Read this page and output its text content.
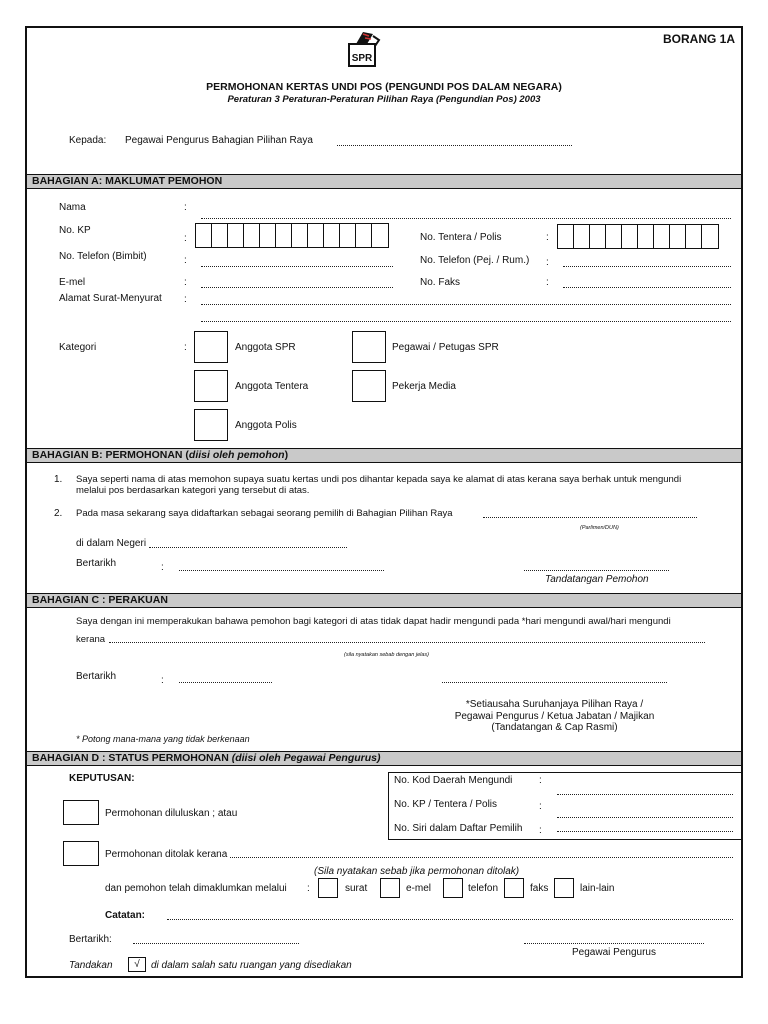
BORANG 1A
SPR
PERMOHONAN KERTAS UNDI POS (PENGUNDI POS DALAM NEGARA)
Peraturan 3 Peraturan-Peraturan Pilihan Raya (Pengundian Pos) 2003
Kepada: Pegawai Pengurus Bahagian Pilihan Raya
BAHAGIAN A: MAKLUMAT PEMOHON
Nama	:
No. KP
:	No. Tentera / Polis	:
No. Telefon (Bimbit)	:	No. Telefon (Pej. / Rum.) :
E-mel	:	No. Faks	:
Alamat Surat-Menyurat :
Kategori	:	Anggota SPR	Pegawai / Petugas SPR
Anggota Tentera	Pekerja Media
Anggota Polis
BAHAGIAN B: PERMOHONAN (diisi oleh pemohon)
1. Saya seperti nama di atas memohon supaya suatu kertas undi pos dihantar kepada saya ke alamat di atas kerana saya berhak untuk mengundi
melalui pos berdasarkan kategori yang tersebut di atas.
2. Pada masa sekarang saya didaftarkan sebagai seorang pemilih di Bahagian Pilihan Raya
(Parlimen/DUN)
di dalam Negeri
Bertarikh	:
Tandatangan Pemohon
BAHAGIAN C : PERAKUAN
Saya dengan ini memperakukan bahawa pemohon bagi kategori di atas tidak dapat hadir mengundi pada *hari mengundi awal/hari mengundi
kerana
(sila nyatakan sebab dengan jelas)
Bertarikh	:
*Setiausaha Suruhanjaya Pilihan Raya /
Pegawai Pengurus / Ketua Jabatan / Majikan
(Tandatangan & Cap Rasmi)
* Potong mana-mana yang tidak berkenaan
BAHAGIAN D : STATUS PERMOHONAN (diisi oleh Pegawai Pengurus)
KEPUTUSAN:	No. Kod Daerah Mengundi	:
No. KP / Tentera / Polis	:
No. Siri dalam Daftar Pemilih :
Permohonan diluluskan ; atau
Permohonan ditolak kerana
(Sila nyatakan sebab jika permohonan ditolak)
dan pemohon telah dimaklumkan melalui :	surat	e-mel	telefon	faks	lain-lain
Catatan:
Bertarikh:
Pegawai Pengurus
Tandakan	√	di dalam salah satu ruangan yang disediakan
